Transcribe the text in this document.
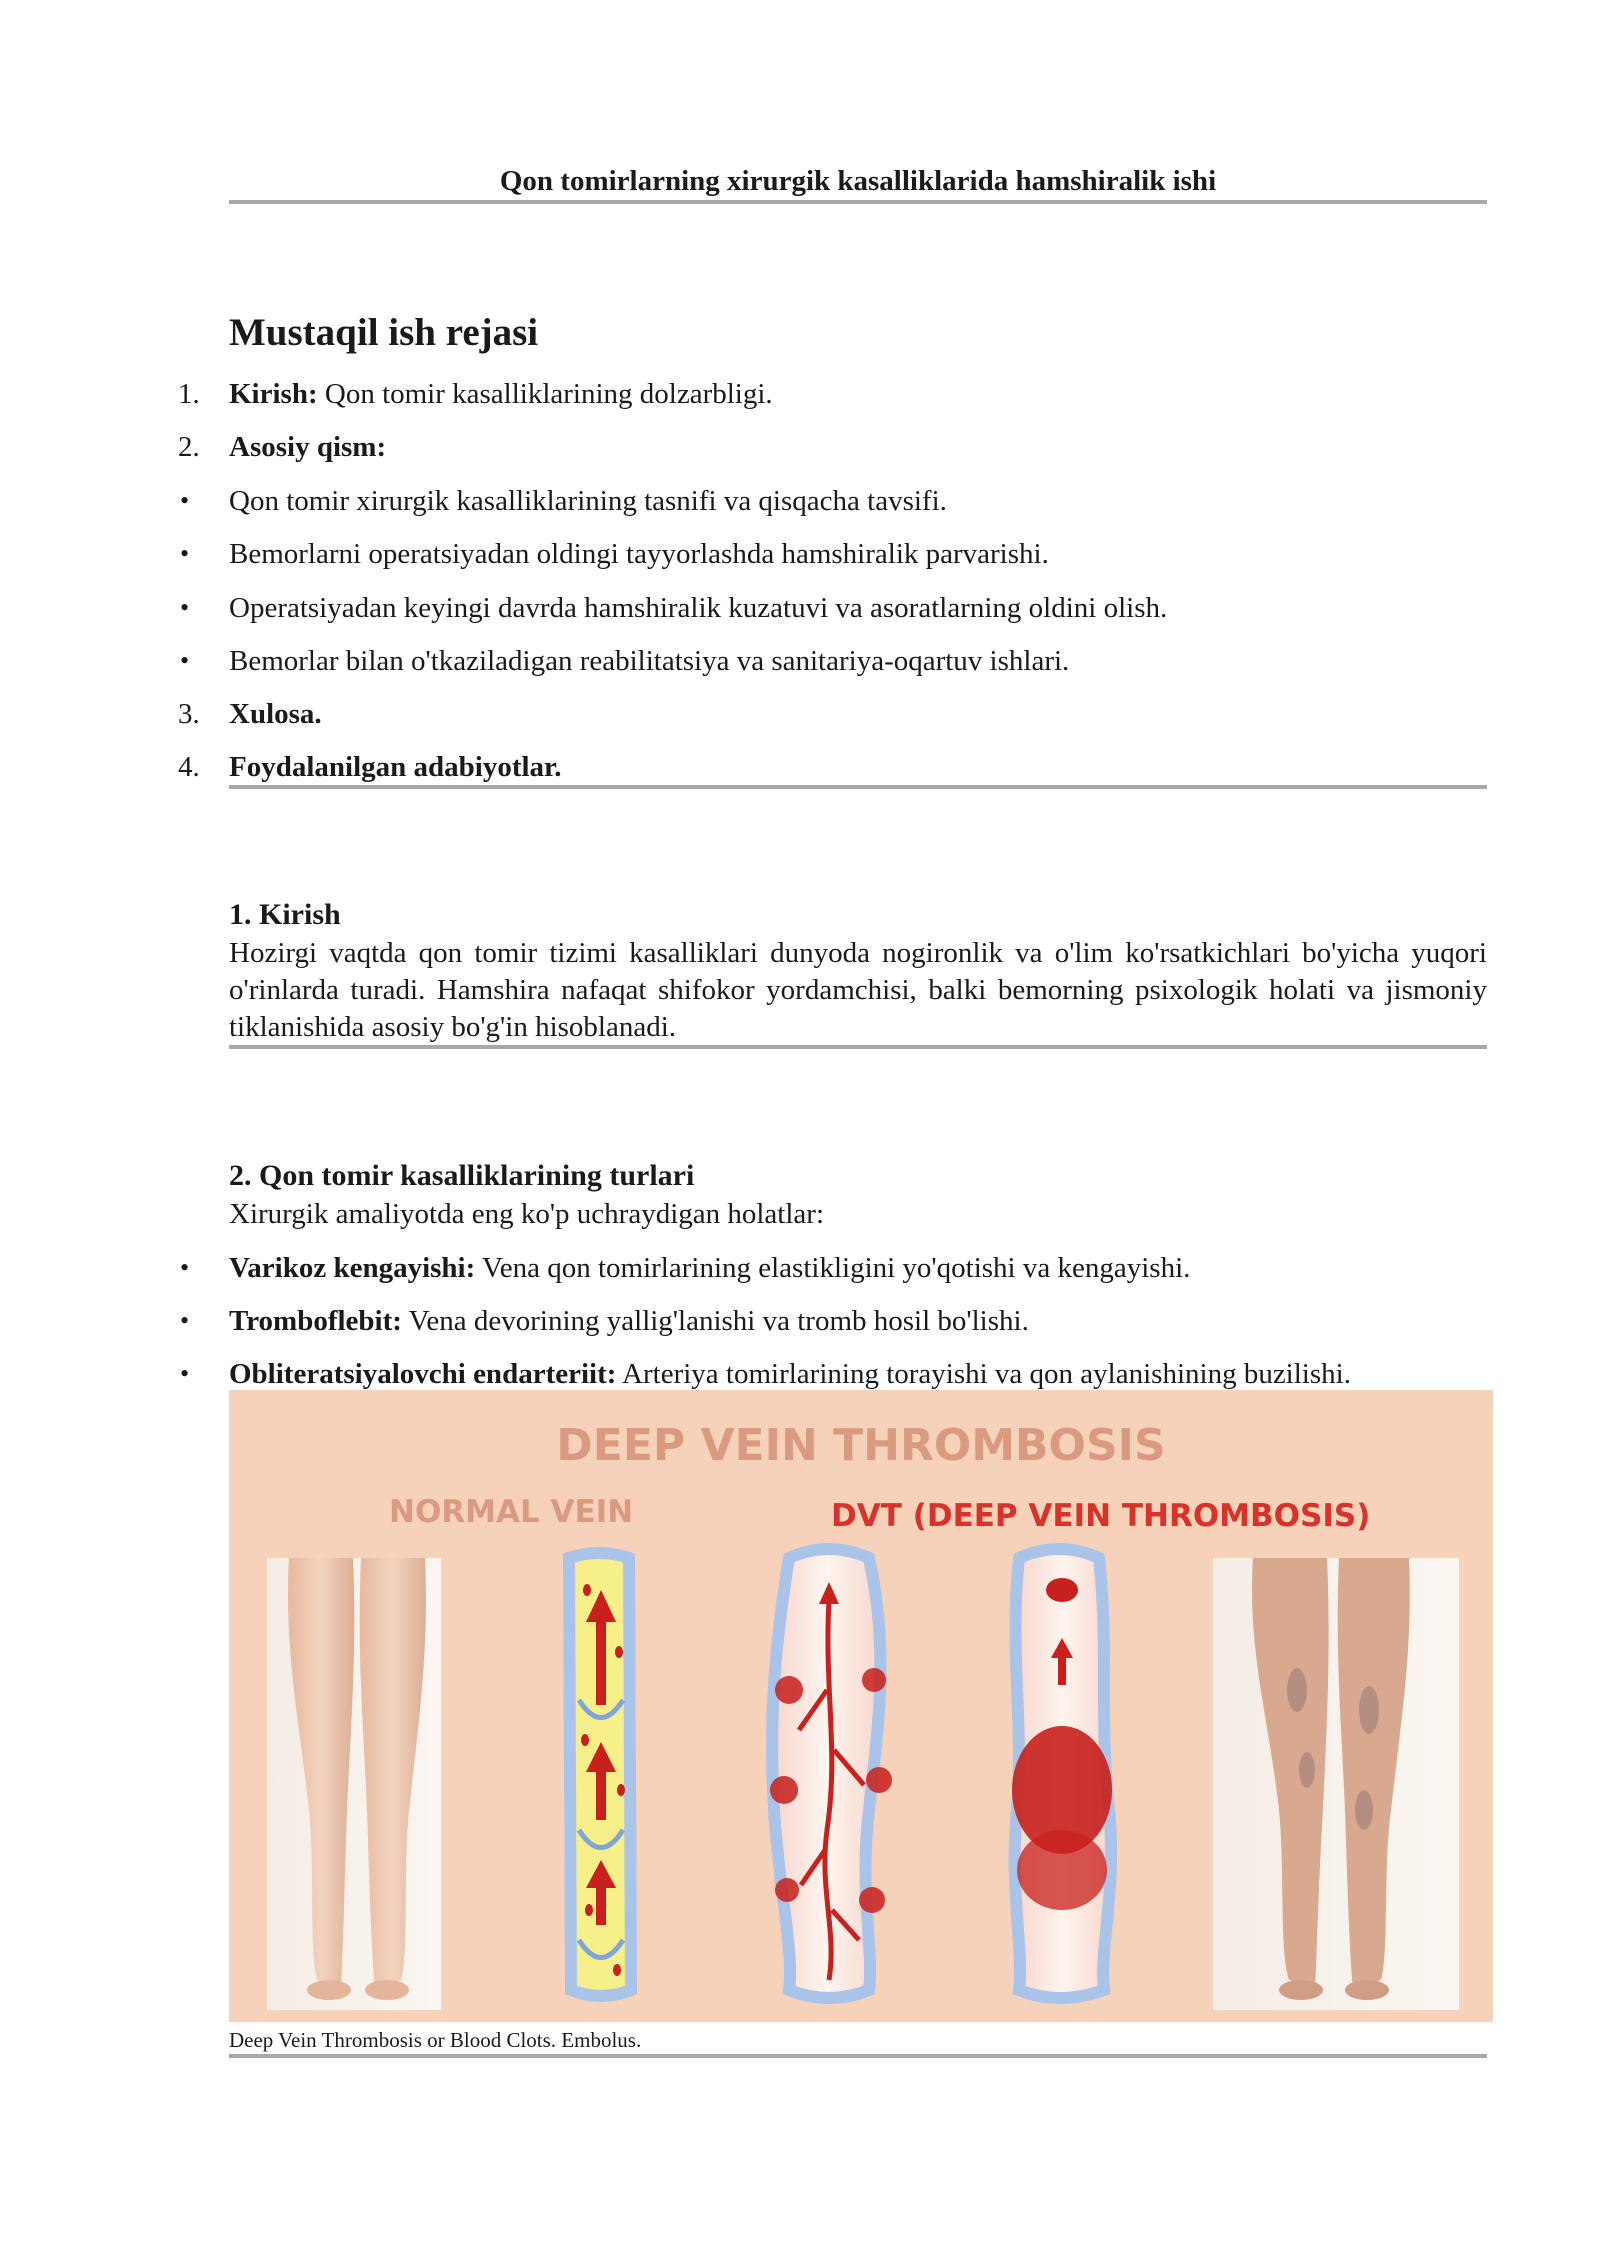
Qon tomirlarning xirurgik kasalliklarida hamshiralik ishi
Mustaqil ish rejasi
1. Kirish: Qon tomir kasalliklarining dolzarbligi.
2. Asosiy qism:
• Qon tomir xirurgik kasalliklarining tasnifi va qisqacha tavsifi.
• Bemorlarni operatsiyadan oldingi tayyorlashda hamshiralik parvarishi.
• Operatsiyadan keyingi davrda hamshiralik kuzatuvi va asoratlarning oldini olish.
• Bemorlar bilan o'tkaziladigan reabilitatsiya va sanitariya-oqartuv ishlari.
3. Xulosa.
4. Foydalanilgan adabiyotlar.
1. Kirish

Hozirgi vaqtda qon tomir tizimi kasalliklari dunyoda nogironlik va o'lim ko'rsatkichlari bo'yicha yuqori o'rinlarda turadi. Hamshira nafaqat shifokor yordamchisi, balki bemorning psixologik holati va jismoniy tiklanishida asosiy bo'g'in hisoblanadi.

2. Qon tomir kasalliklarining turlari
Xirurgik amaliyotda eng ko'p uchraydigan holatlar:
• Varikoz kengayishi: Vena qon tomirlarining elastikligini yo'qotishi va kengayishi.
• Tromboflebit: Vena devorining yallig'lanishi va tromb hosil bo'lishi.
• Obliteratsiyalovchi endarteriit: Arteriya tomirlarining torayishi va qon aylanishining buzilishi.
DEEP VEIN THROMBOSIS
NORMAL VEIN	DVT (DEEP VEIN THROMBOSIS)
Deep Vein Thrombosis or Blood Clots. Embolus.
